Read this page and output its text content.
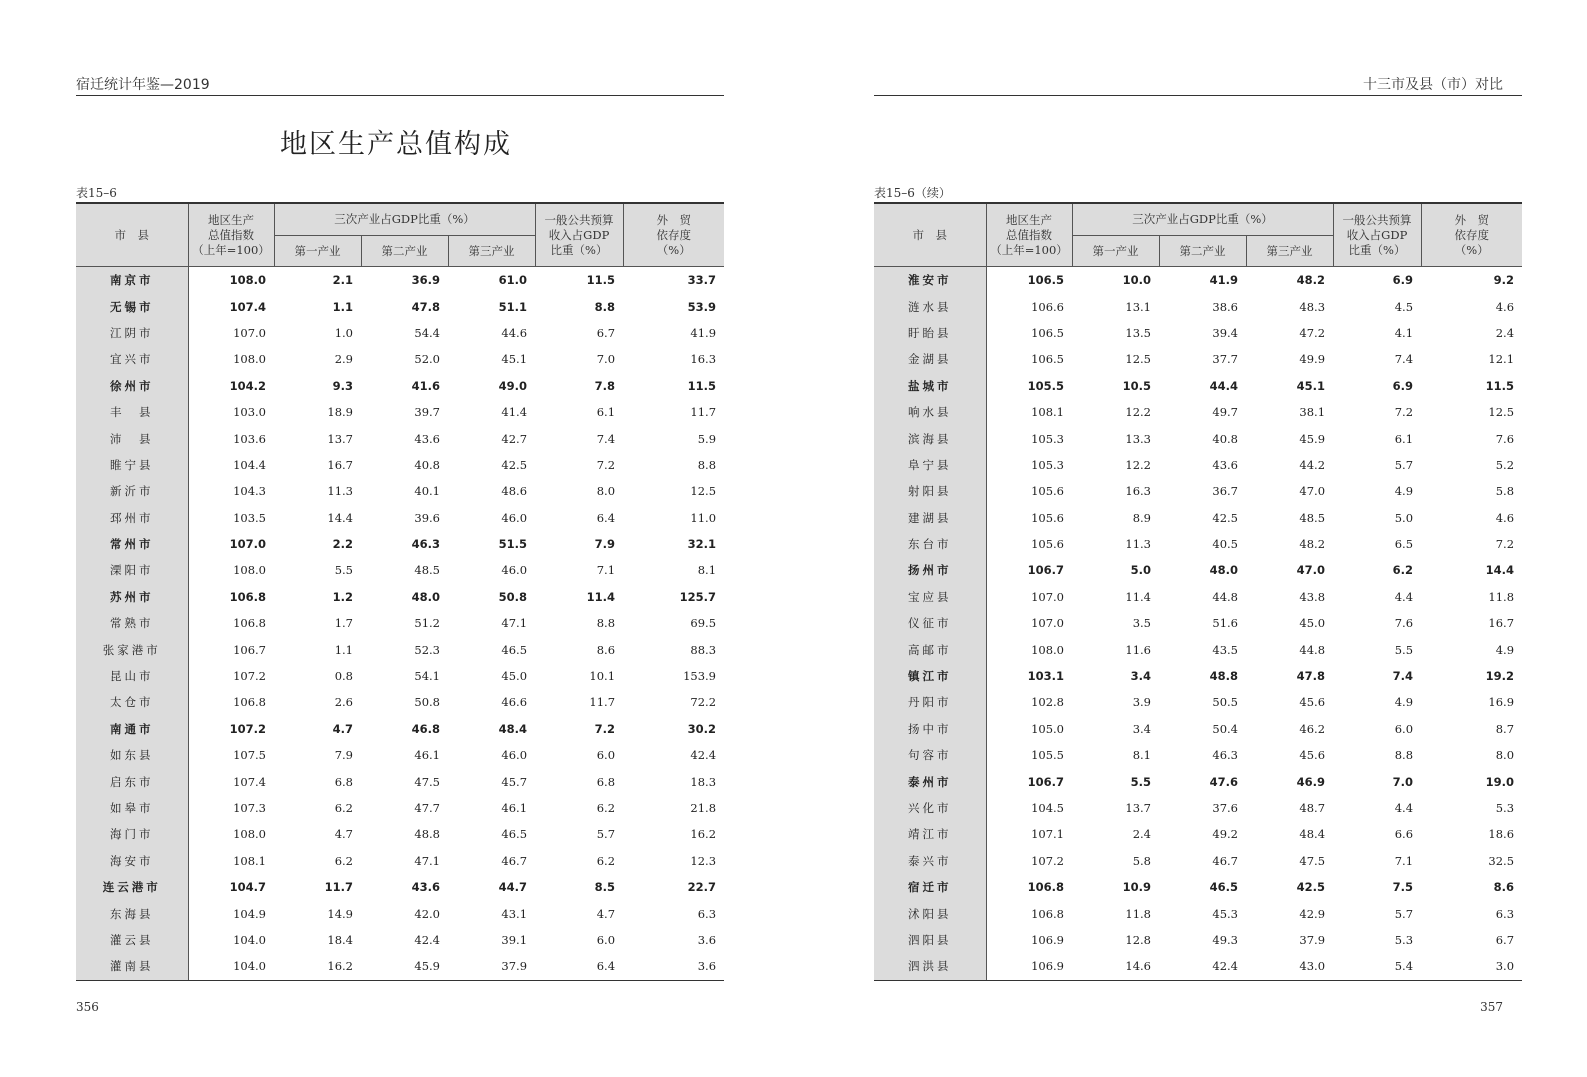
宿迁统计年鉴—2019
地区生产总值构成
表15–6
市　县	地区生产
总值指数
（上年=100）	三次产业占GDP比重（%）			一般公共预算
收入占GDP
比重（%）	外　贸
依存度
（%）
		第一产业	第二产业	第三产业		
南京市	108.0	2.1	36.9	61.0	11.5	33.7
无锡市	107.4	1.1	47.8	51.1	8.8	53.9
江阴市	107.0	1.0	54.4	44.6	6.7	41.9
宜兴市	108.0	2.9	52.0	45.1	7.0	16.3
徐州市	104.2	9.3	41.6	49.0	7.8	11.5
丰　县	103.0	18.9	39.7	41.4	6.1	11.7
沛　县	103.6	13.7	43.6	42.7	7.4	5.9
睢宁县	104.4	16.7	40.8	42.5	7.2	8.8
新沂市	104.3	11.3	40.1	48.6	8.0	12.5
邳州市	103.5	14.4	39.6	46.0	6.4	11.0
常州市	107.0	2.2	46.3	51.5	7.9	32.1
溧阳市	108.0	5.5	48.5	46.0	7.1	8.1
苏州市	106.8	1.2	48.0	50.8	11.4	125.7
常熟市	106.8	1.7	51.2	47.1	8.8	69.5
张家港市	106.7	1.1	52.3	46.5	8.6	88.3
昆山市	107.2	0.8	54.1	45.0	10.1	153.9
太仓市	106.8	2.6	50.8	46.6	11.7	72.2
南通市	107.2	4.7	46.8	48.4	7.2	30.2
如东县	107.5	7.9	46.1	46.0	6.0	42.4
启东市	107.4	6.8	47.5	45.7	6.8	18.3
如皋市	107.3	6.2	47.7	46.1	6.2	21.8
海门市	108.0	4.7	48.8	46.5	5.7	16.2
海安市	108.1	6.2	47.1	46.7	6.2	12.3
连云港市	104.7	11.7	43.6	44.7	8.5	22.7
东海县	104.9	14.9	42.0	43.1	4.7	6.3
灌云县	104.0	18.4	42.4	39.1	6.0	3.6
灌南县	104.0	16.2	45.9	37.9	6.4	3.6
356
十三市及县（市）对比
表15–6（续）
市　县	地区生产
总值指数
（上年=100）	三次产业占GDP比重（%）			一般公共预算
收入占GDP
比重（%）	外　贸
依存度
（%）
		第一产业	第二产业	第三产业		
淮安市	106.5	10.0	41.9	48.2	6.9	9.2
涟水县	106.6	13.1	38.6	48.3	4.5	4.6
盱眙县	106.5	13.5	39.4	47.2	4.1	2.4
金湖县	106.5	12.5	37.7	49.9	7.4	12.1
盐城市	105.5	10.5	44.4	45.1	6.9	11.5
响水县	108.1	12.2	49.7	38.1	7.2	12.5
滨海县	105.3	13.3	40.8	45.9	6.1	7.6
阜宁县	105.3	12.2	43.6	44.2	5.7	5.2
射阳县	105.6	16.3	36.7	47.0	4.9	5.8
建湖县	105.6	8.9	42.5	48.5	5.0	4.6
东台市	105.6	11.3	40.5	48.2	6.5	7.2
扬州市	106.7	5.0	48.0	47.0	6.2	14.4
宝应县	107.0	11.4	44.8	43.8	4.4	11.8
仪征市	107.0	3.5	51.6	45.0	7.6	16.7
高邮市	108.0	11.6	43.5	44.8	5.5	4.9
镇江市	103.1	3.4	48.8	47.8	7.4	19.2
丹阳市	102.8	3.9	50.5	45.6	4.9	16.9
扬中市	105.0	3.4	50.4	46.2	6.0	8.7
句容市	105.5	8.1	46.3	45.6	8.8	8.0
泰州市	106.7	5.5	47.6	46.9	7.0	19.0
兴化市	104.5	13.7	37.6	48.7	4.4	5.3
靖江市	107.1	2.4	49.2	48.4	6.6	18.6
泰兴市	107.2	5.8	46.7	47.5	7.1	32.5
宿迁市	106.8	10.9	46.5	42.5	7.5	8.6
沭阳县	106.8	11.8	45.3	42.9	5.7	6.3
泗阳县	106.9	12.8	49.3	37.9	5.3	6.7
泗洪县	106.9	14.6	42.4	43.0	5.4	3.0
357
